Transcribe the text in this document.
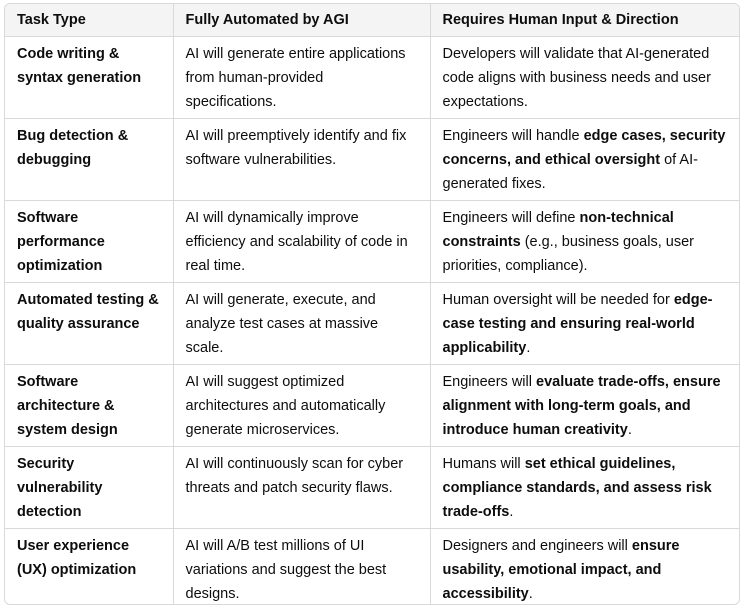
Task Type	Fully Automated by AGI	Requires Human Input & Direction
Code writing & syntax generation	AI will generate entire applications from human-provided specifications.	Developers will validate that AI-generated code aligns with business needs and user expectations.
Bug detection & debugging	AI will preemptively identify and fix software vulnerabilities.	Engineers will handle edge cases, security concerns, and ethical oversight of AI-generated fixes.
Software performance optimization	AI will dynamically improve efficiency and scalability of code in real time.	Engineers will define non-technical constraints (e.g., business goals, user priorities, compliance).
Automated testing & quality assurance	AI will generate, execute, and analyze test cases at massive scale.	Human oversight will be needed for edge-case testing and ensuring real-world applicability.
Software architecture & system design	AI will suggest optimized architectures and automatically generate microservices.	Engineers will evaluate trade-offs, ensure alignment with long-term goals, and introduce human creativity.
Security vulnerability detection	AI will continuously scan for cyber threats and patch security flaws.	Humans will set ethical guidelines, compliance standards, and assess risk trade-offs.
User experience (UX) optimization	AI will A/B test millions of UI variations and suggest the best designs.	Designers and engineers will ensure usability, emotional impact, and accessibility.
